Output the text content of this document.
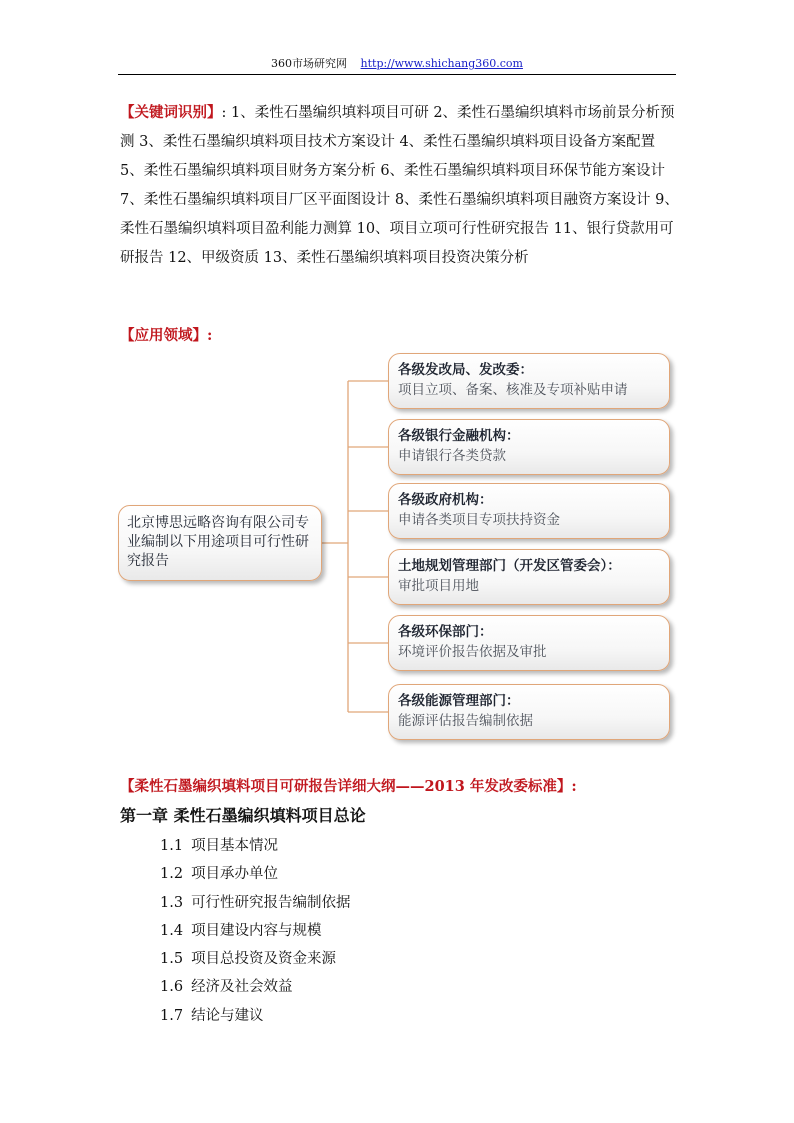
360市场研究网 http://www.shichang360.com

【关键词识别】: 1、柔性石墨编织填料项目可研 2、柔性石墨编织填料市场前景分析预测 3、柔性石墨编织填料项目技术方案设计 4、柔性石墨编织填料项目设备方案配置 5、柔性石墨编织填料项目财务方案分析 6、柔性石墨编织填料项目环保节能方案设计 7、柔性石墨编织填料项目厂区平面图设计 8、柔性石墨编织填料项目融资方案设计 9、柔性石墨编织填料项目盈利能力测算 10、项目立项可行性研究报告 11、银行贷款用可研报告 12、甲级资质 13、柔性石墨编织填料项目投资决策分析

【应用领域】:
北京博思远略咨询有限公司专业编制以下用途项目可行性研究报告
各级发改局、发改委：
项目立项、备案、核准及专项补贴申请
各级银行金融机构：
申请银行各类贷款
各级政府机构：
申请各类项目专项扶持资金
土地规划管理部门（开发区管委会）：
审批项目用地
各级环保部门：
环境评价报告依据及审批
各级能源管理部门：
能源评估报告编制依据
【柔性石墨编织填料项目可研报告详细大纲——2013 年发改委标准】:
第一章 柔性石墨编织填料项目总论
1.1 项目基本情况
1.2 项目承办单位
1.3 可行性研究报告编制依据
1.4 项目建设内容与规模
1.5 项目总投资及资金来源
1.6 经济及社会效益
1.7 结论与建议
